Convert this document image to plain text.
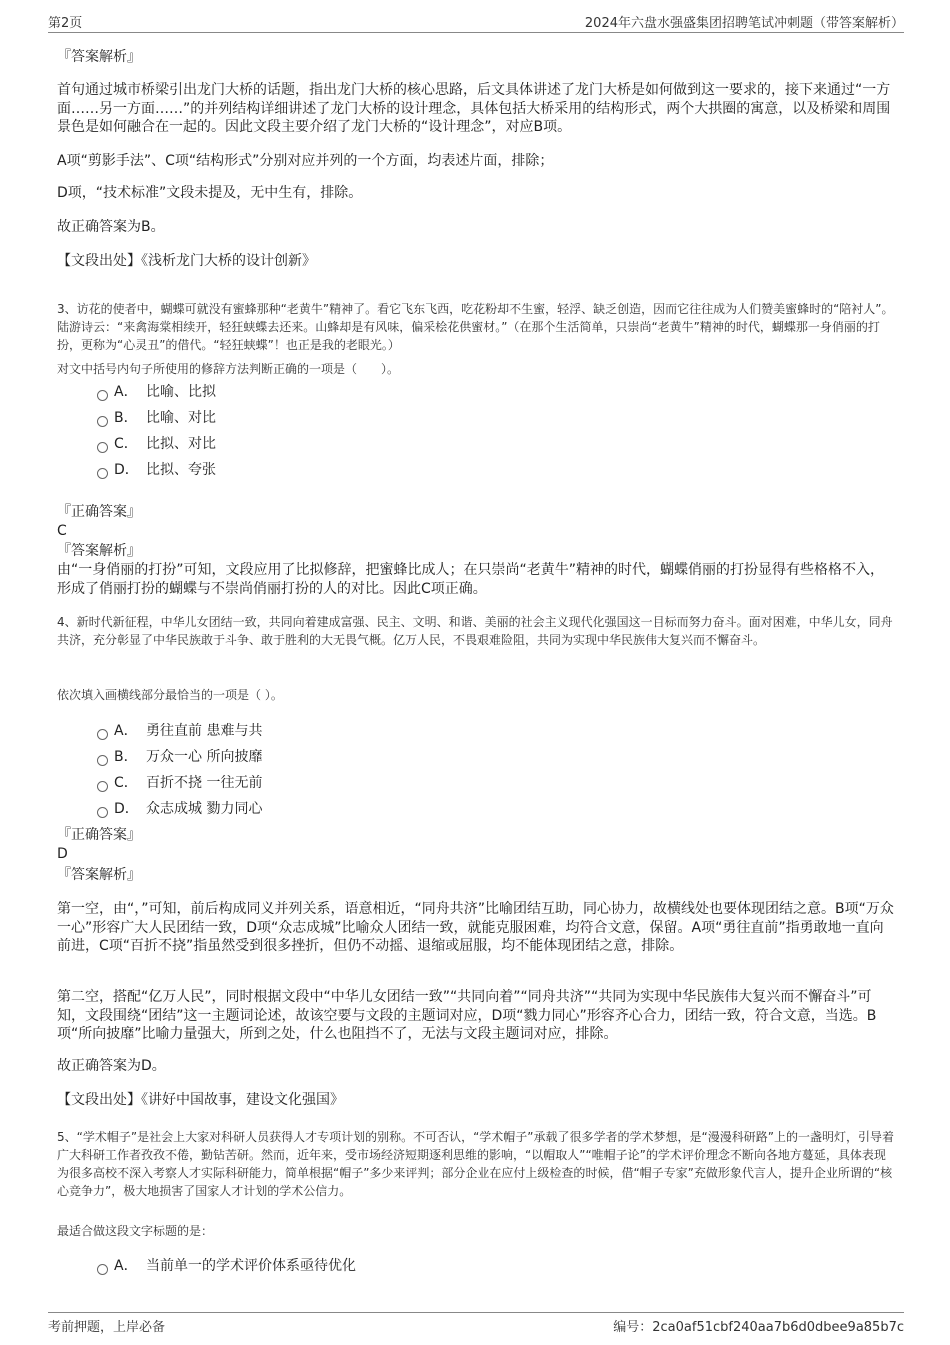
第2页	2024年六盘水强盛集团招聘笔试冲刺题（带答案解析）
『答案解析』
首句通过城市桥梁引出龙门大桥的话题，指出龙门大桥的核心思路，后文具体讲述了龙门大桥是如何做到这一要求的，接下来通过“一方面……另一方面……”的并列结构详细讲述了龙门大桥的设计理念，具体包括大桥采用的结构形式，两个大拱圈的寓意，以及桥梁和周围景色是如何融合在一起的。因此文段主要介绍了龙门大桥的“设计理念”，对应B项。
A项“剪影手法”、C项“结构形式”分别对应并列的一个方面，均表述片面，排除；
D项，“技术标准”文段未提及，无中生有，排除。
故正确答案为B。
【文段出处】《浅析龙门大桥的设计创新》
3、访花的使者中，蝴蝶可就没有蜜蜂那种“老黄牛”精神了。看它飞东飞西，吃花粉却不生蜜，轻浮、缺乏创造，因而它往往成为人们赞美蜜蜂时的“陪衬人”。陆游诗云：“来禽海棠相续开，轻狂蛱蝶去还来。山蜂却是有风味，偏采桧花供蜜材。”（在那个生活简单，只崇尚“老黄牛”精神的时代，蝴蝶那一身俏丽的打扮，更称为“心灵丑”的借代。“轻狂蛱蝶”！也正是我的老眼光。）
对文中括号内句子所使用的修辞方法判断正确的一项是（　　）。
A． 比喻、比拟
B． 比喻、对比
C． 比拟、对比
D． 比拟、夸张
『正确答案』
C
『答案解析』
由“一身俏丽的打扮”可知，文段应用了比拟修辞，把蜜蜂比成人；在只崇尚“老黄牛”精神的时代，蝴蝶俏丽的打扮显得有些格格不入，形成了俏丽打扮的蝴蝶与不崇尚俏丽打扮的人的对比。因此C项正确。
4、新时代新征程，中华儿女团结一致，共同向着建成富强、民主、文明、和谐、美丽的社会主义现代化强国这一目标而努力奋斗。面对困难，中华儿女，同舟共济，充分彰显了中华民族敢于斗争、敢于胜利的大无畏气概。亿万人民，不畏艰难险阻，共同为实现中华民族伟大复兴而不懈奋斗。
依次填入画横线部分最恰当的一项是（ ）。
A． 勇往直前 患难与共
B． 万众一心 所向披靡
C． 百折不挠 一往无前
D． 众志成城 勠力同心
『正确答案』
D
『答案解析』
第一空，由“，”可知，前后构成同义并列关系，语意相近，“同舟共济”比喻团结互助，同心协力，故横线处也要体现团结之意。B项“万众一心”形容广大人民团结一致，D项“众志成城”比喻众人团结一致，就能克服困难，均符合文意，保留。A项“勇往直前”指勇敢地一直向前进，C项“百折不挠”指虽然受到很多挫折，但仍不动摇、退缩或屈服，均不能体现团结之意，排除。
第二空，搭配“亿万人民”，同时根据文段中“中华儿女团结一致”“共同向着”“同舟共济”“共同为实现中华民族伟大复兴而不懈奋斗”可知，文段围绕“团结”这一主题词论述，故该空要与文段的主题词对应，D项“戮力同心”形容齐心合力，团结一致，符合文意，当选。B项“所向披靡”比喻力量强大，所到之处，什么也阻挡不了，无法与文段主题词对应，排除。
故正确答案为D。
【文段出处】《讲好中国故事，建设文化强国》
5、“学术帽子”是社会上大家对科研人员获得人才专项计划的别称。不可否认，“学术帽子”承载了很多学者的学术梦想，是“漫漫科研路”上的一盏明灯，引导着广大科研工作者孜孜不倦，勤钻苦研。然而，近年来，受市场经济短期逐利思维的影响，“以帽取人”“唯帽子论”的学术评价理念不断向各地方蔓延，具体表现为很多高校不深入考察人才实际科研能力，简单根据“帽子”多少来评判；部分企业在应付上级检查的时候，借“帽子专家”充做形象代言人，提升企业所谓的“核心竞争力”，极大地损害了国家人才计划的学术公信力。
最适合做这段文字标题的是：
A． 当前单一的学术评价体系亟待优化
考前押题，上岸必备	编号：2ca0af51cbf240aa7b6d0dbee9a85b7c
